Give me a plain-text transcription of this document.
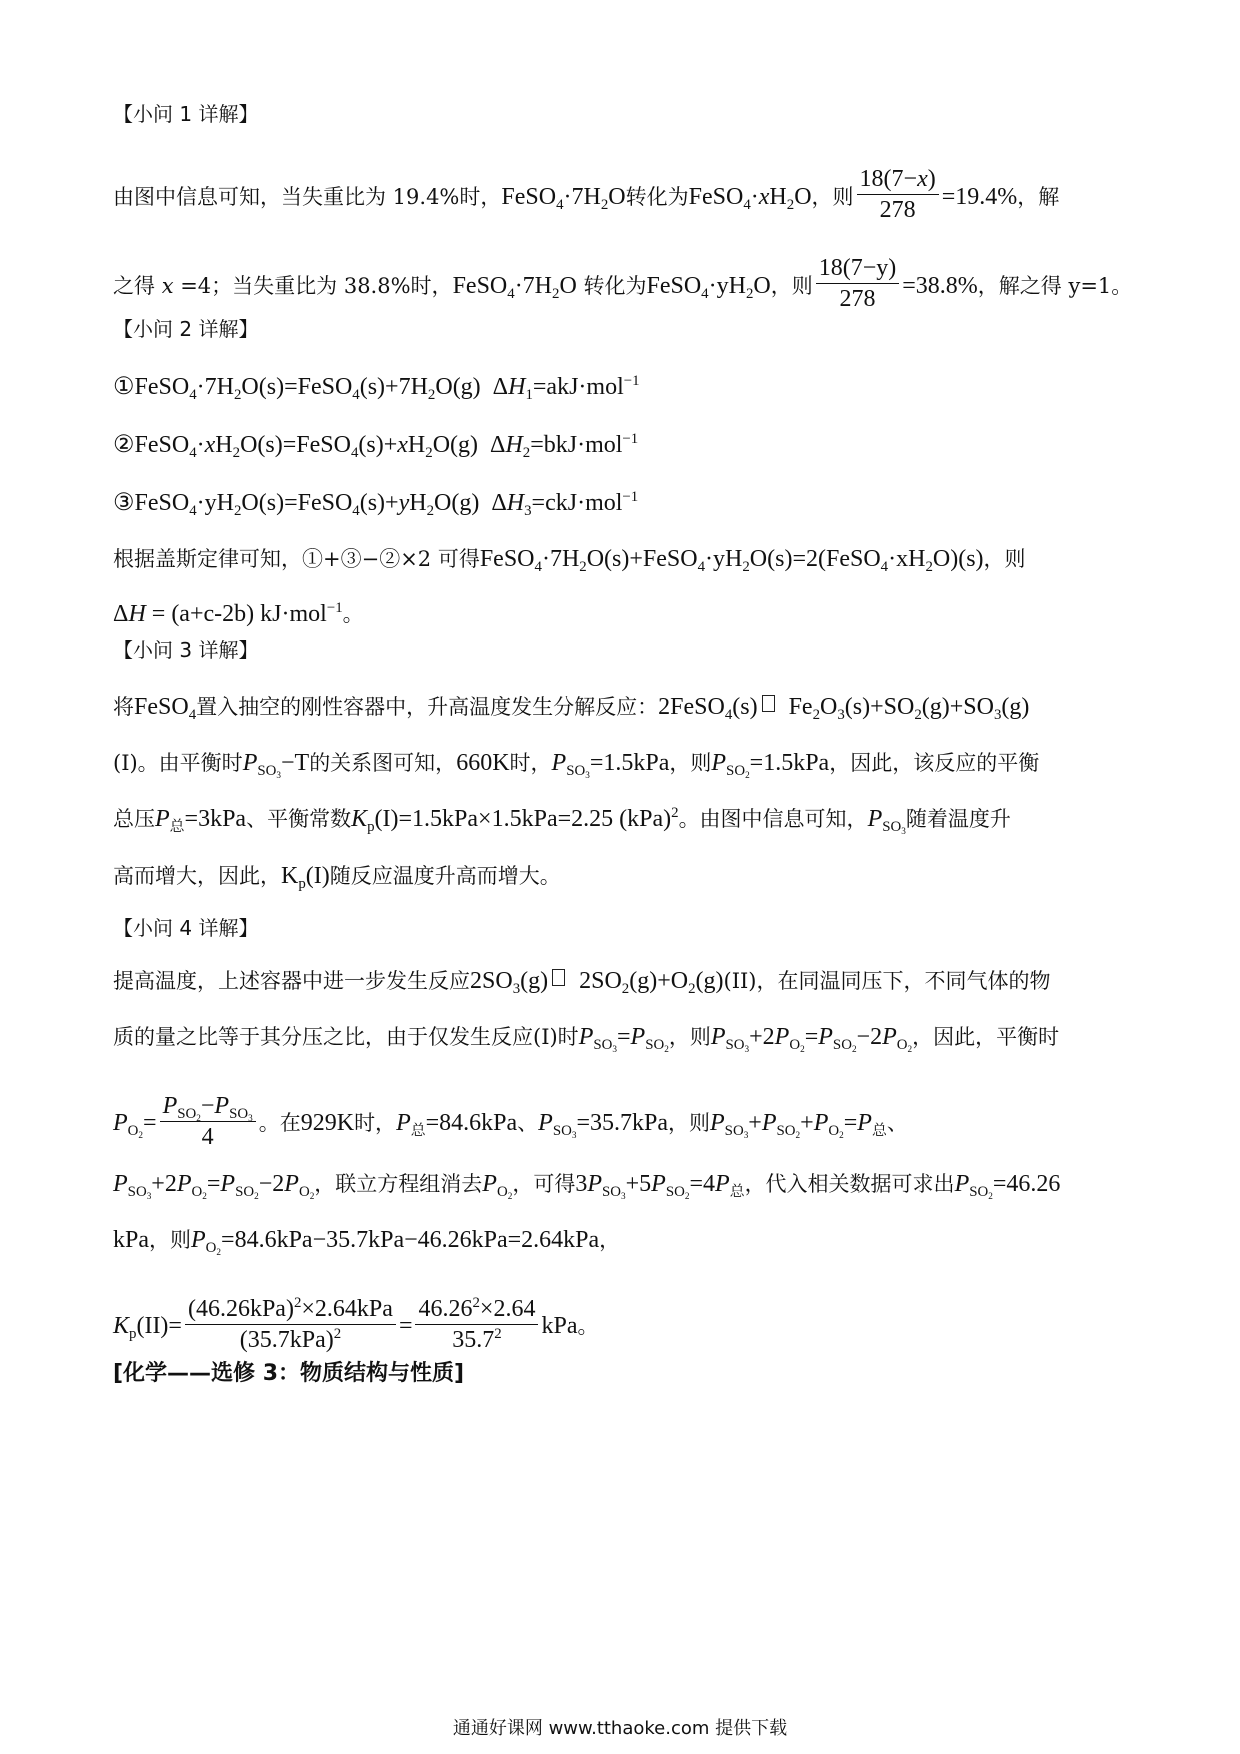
【小问 1 详解】
由图中信息可知，当失重比为 19.4%时，$FeSO_4\cdot 7H_2O$转化为$FeSO_4\cdot xH_2O$，则 $\frac{18(7-x)}{278} =19.4\%$，解
之得 x =4；当失重比为 38.8%时，$FeSO_4\cdot 7H_2O$ 转化为$FeSO_4\cdot yH_2O$，则 $\frac{18(7-y)}{278} =38.8\%$，解之得 y=1。
【小问 2 详解】
$①FeSO_4\cdot 7H_2O(s)=FeSO_4(s)+7H_2O(g)$  $\Delta H_1=akJ\cdot mol^{-1}$
$②FeSO_4\cdot xH_2O(s)=FeSO_4(s)+xH_2O(g)$  $\Delta H_2=bkJ\cdot mol^{-1}$
$③FeSO_4\cdot yH_2O(s)=FeSO_4(s)+yH_2O(g)$  $\Delta H_3=ckJ\cdot mol^{-1}$
根据盖斯定律可知，①+③−②×2 可得$FeSO_4\cdot 7H_2O(s)+FeSO_4\cdot yH_2O(s)=2(FeSO_4\cdot xH_2O)(s)$，则
ΔH = (a+c-2b) kJ·mol$^{-1}$。
【小问 3 详解】
将FeSO$_4$置入抽空的刚性容器中，升高温度发生分解反应：2FeSO$_4$(s) $Fe_2O_3(s)+SO_2(g)+SO_3(g)$
(I)。由平衡时$P_{SO_3}-T$的关系图可知，660K时，$P_{SO_3}=1.5kPa$，则$P_{SO_2}=1.5kPa$，因此，该反应的平衡
总压$P_总=3kPa$、平衡常数$K_p(I)=1.5kPa\times 1.5kPa=2.25$ (kPa)$^2$。由图中信息可知，$P_{SO_3}$随着温度升
高而增大，因此，$K_p(I)$随反应温度升高而增大。
【小问 4 详解】
提高温度，上述容器中进一步发生反应$2SO_3(g)$ $2SO_2(g)+O_2(g)(II)$，在同温同压下，不同气体的物
质的量之比等于其分压之比，由于仅发生反应(I)时$P_{SO_3}=P_{SO_2}$，则$P_{SO_3}+2P_{O_2}=P_{SO_2}-2P_{O_2}$，因此，平衡时
$P_{O_2}= \frac{P_{SO_2}-P_{SO_3}}{4}$ 。在929K时，$P_总=84.6kPa$、$P_{SO_3}=35.7kPa$，则$P_{SO_3}+P_{SO_2}+P_{O_2}=P_总$、
$P_{SO_3}+2P_{O_2}=P_{SO_2}-2P_{O_2}$，联立方程组消去$P_{O_2}$，可得$3P_{SO_3}+5P_{SO_2}=4P_总$，代入相关数据可求出$P_{SO_2}=46.26$
kPa，则$P_{O_2}=84.6kPa-35.7kPa-46.26kPa=2.64kPa$，
$K_p(II)= \frac{(46.26kPa)^2\times 2.64kPa}{(35.7kPa)^2} = \frac{46.26^2\times 2.64}{35.7^2}$ kPa。
[化学——选修 3：物质结构与性质]
通通好课网 www.tthaoke.com 提供下载
